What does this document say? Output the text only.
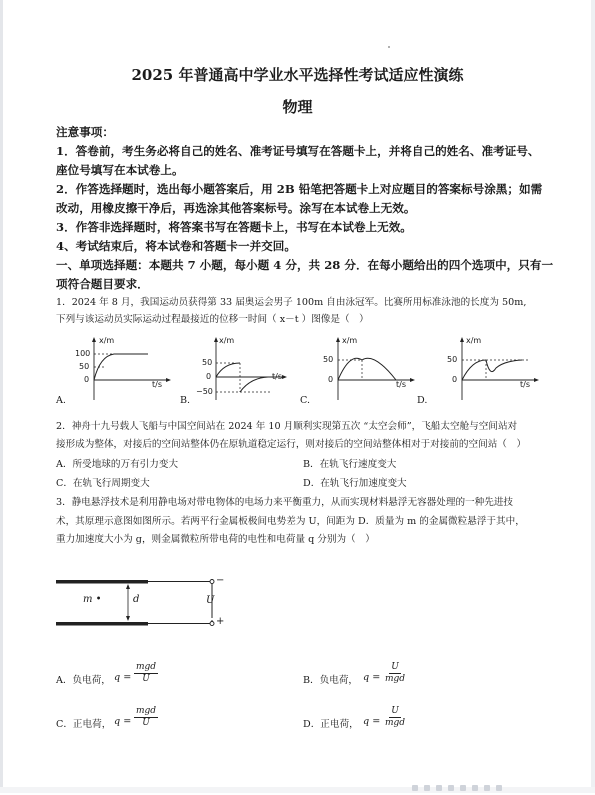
2025 年普通高中学业水平选择性考试适应性演练
物理
注意事项：
1．答卷前，考生务必将自己的姓名、准考证号填写在答题卡上，并将自己的姓名、准考证号、
座位号填写在本试卷上。
2．作答选择题时，选出每小题答案后，用 2B 铅笔把答题卡上对应题目的答案标号涂黑；如需
改动，用橡皮擦干净后，再选涂其他答案标号。涂写在本试卷上无效。
3．作答非选择题时，将答案书写在答题卡上，书写在本试卷上无效。
4、考试结束后，将本试卷和答题卡一并交回。
一、单项选择题：本题共 7 小题，每小题 4 分，共 28 分．在每小题给出的四个选项中，只有一
项符合题目要求．
1．2024 年 8 月，我国运动员获得第 33 届奥运会男子 100m 自由泳冠军。比赛所用标准泳池的长度为 50m,
下列与该运动员实际运动过程最接近的位移一时间（ x－t ）图像是（　）
x/m
100
50
0
t/s
A.
x/m
50
0
−50
t/s
B.
x/m
50
0
t/s
C.
x/m
50
0
t/s
D.
2．神舟十九号载人飞船与中国空间站在 2024 年 10 月顺利实现第五次 “太空会师”，飞船太空舱与空间站对
接形成为整体，对接后的空间站整体仍在原轨道稳定运行，则对接后的空间站整体相对于对接前的空间站（　）
A．所受地球的万有引力变大	B．在轨飞行速度变大
C．在轨飞行周期变大	D．在轨飞行加速度变大
3．静电悬浮技术是利用静电场对带电物体的电场力来平衡重力，从而实现材料悬浮无容器处理的一种先进技
术，其原理示意图如图所示。若两平行金属板极间电势差为 U，间距为 D．质量为 m 的金属微粒悬浮于其中，
重力加速度大小为 g，则金属微粒所带电荷的电性和电荷量 q 分别为（　）
−
+
m •	d	U
A．负电荷， q =
mgd
U	B．负电荷， q =
U
mgd
C．正电荷， q =
mgd
U	D．正电荷， q =
U
mgd
